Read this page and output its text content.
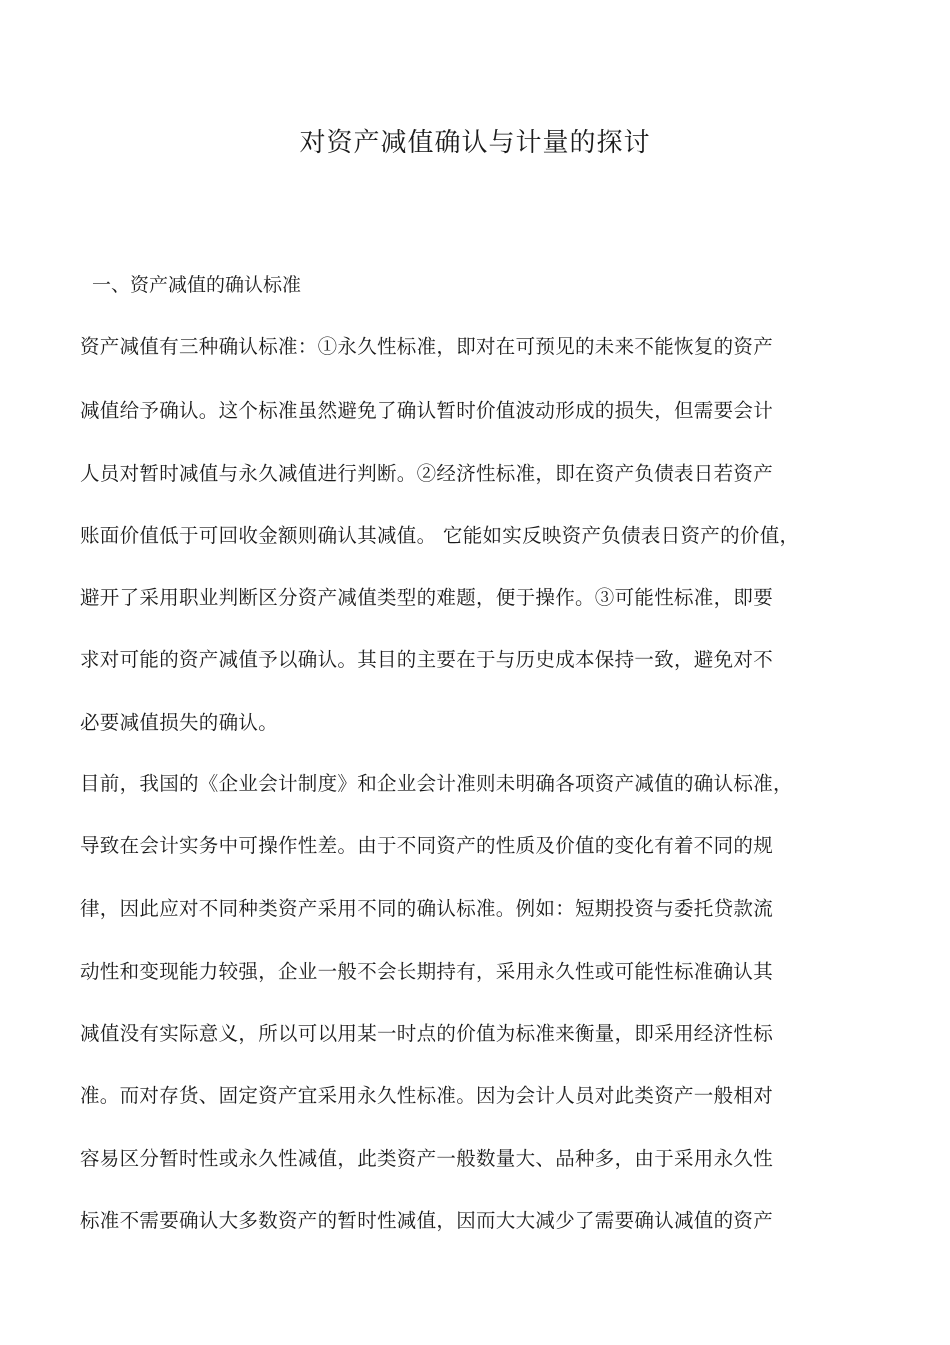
对资产减值确认与计量的探讨
一、资产减值的确认标准
资产减值有三种确认标准：①永久性标准，即对在可预见的未来不能恢复的资产
减值给予确认。这个标准虽然避免了确认暂时价值波动形成的损失，但需要会计
人员对暂时减值与永久减值进行判断。②经济性标准，即在资产负债表日若资产
账面价值低于可回收金额则确认其减值。 它能如实反映资产负债表日资产的价值，
避开了采用职业判断区分资产减值类型的难题，便于操作。③可能性标准，即要
求对可能的资产减值予以确认。其目的主要在于与历史成本保持一致，避免对不
必要减值损失的确认。
目前，我国的《企业会计制度》和企业会计准则未明确各项资产减值的确认标准，
导致在会计实务中可操作性差。由于不同资产的性质及价值的变化有着不同的规
律，因此应对不同种类资产采用不同的确认标准。例如：短期投资与委托贷款流
动性和变现能力较强，企业一般不会长期持有，采用永久性或可能性标准确认其
减值没有实际意义，所以可以用某一时点的价值为标准来衡量，即采用经济性标
准。而对存货、固定资产宜采用永久性标准。因为会计人员对此类资产一般相对
容易区分暂时性或永久性减值，此类资产一般数量大、品种多，由于采用永久性
标准不需要确认大多数资产的暂时性减值，因而大大减少了需要确认减值的资产
